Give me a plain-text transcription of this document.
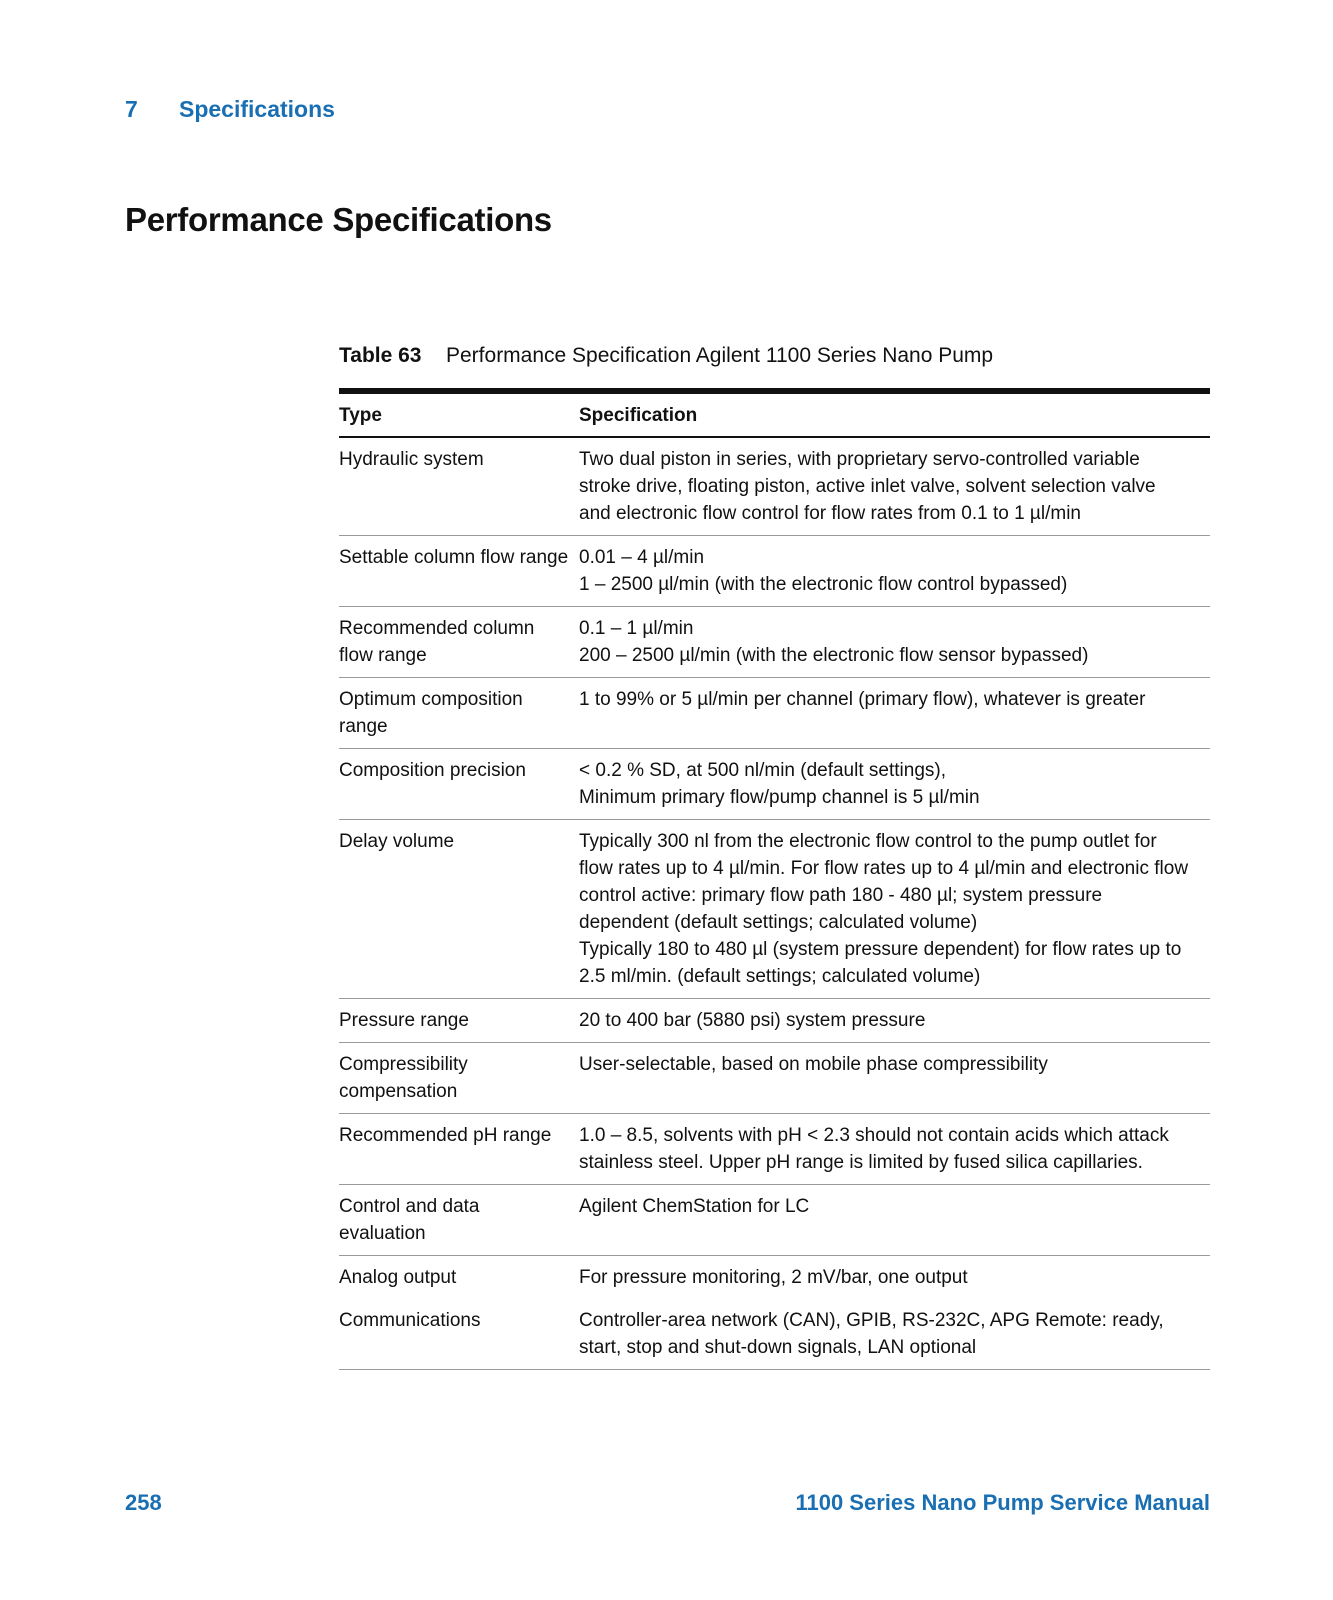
7 Specifications
Performance Specifications
Table 63 Performance Specification Agilent 1100 Series Nano Pump
Type	Specification
Hydraulic system	Two dual piston in series, with proprietary servo-controlled variable stroke drive, floating piston, active inlet valve, solvent selection valve and electronic flow control for flow rates from 0.1 to 1 µl/min

Settable column flow range	0.01 – 4 µl/min
1 – 2500 µl/min (with the electronic flow control bypassed)

Recommended column flow range	0.1 – 1 µl/min
200 – 2500 µl/min (with the electronic flow sensor bypassed)

Optimum composition range	1 to 99% or 5 µl/min per channel (primary flow), whatever is greater

Composition precision	< 0.2 % SD, at 500 nl/min (default settings),
Minimum primary flow/pump channel is 5 µl/min

Delay volume	Typically 300 nl from the electronic flow control to the pump outlet for flow rates up to 4 µl/min. For flow rates up to 4 µl/min and electronic flow control active: primary flow path 180 - 480 µl; system pressure dependent (default settings; calculated volume)
Typically 180 to 480 µl (system pressure dependent) for flow rates up to 2.5 ml/min. (default settings; calculated volume)

Pressure range	20 to 400 bar (5880 psi) system pressure

Compressibility compensation	User-selectable, based on mobile phase compressibility

Recommended pH range	1.0 – 8.5, solvents with pH < 2.3 should not contain acids which attack stainless steel. Upper pH range is limited by fused silica capillaries.

Control and data evaluation	Agilent ChemStation for LC

Analog output	For pressure monitoring, 2 mV/bar, one output

Communications	Controller-area network (CAN), GPIB, RS-232C, APG Remote: ready, start, stop and shut-down signals, LAN optional
258	1100 Series Nano Pump Service Manual
